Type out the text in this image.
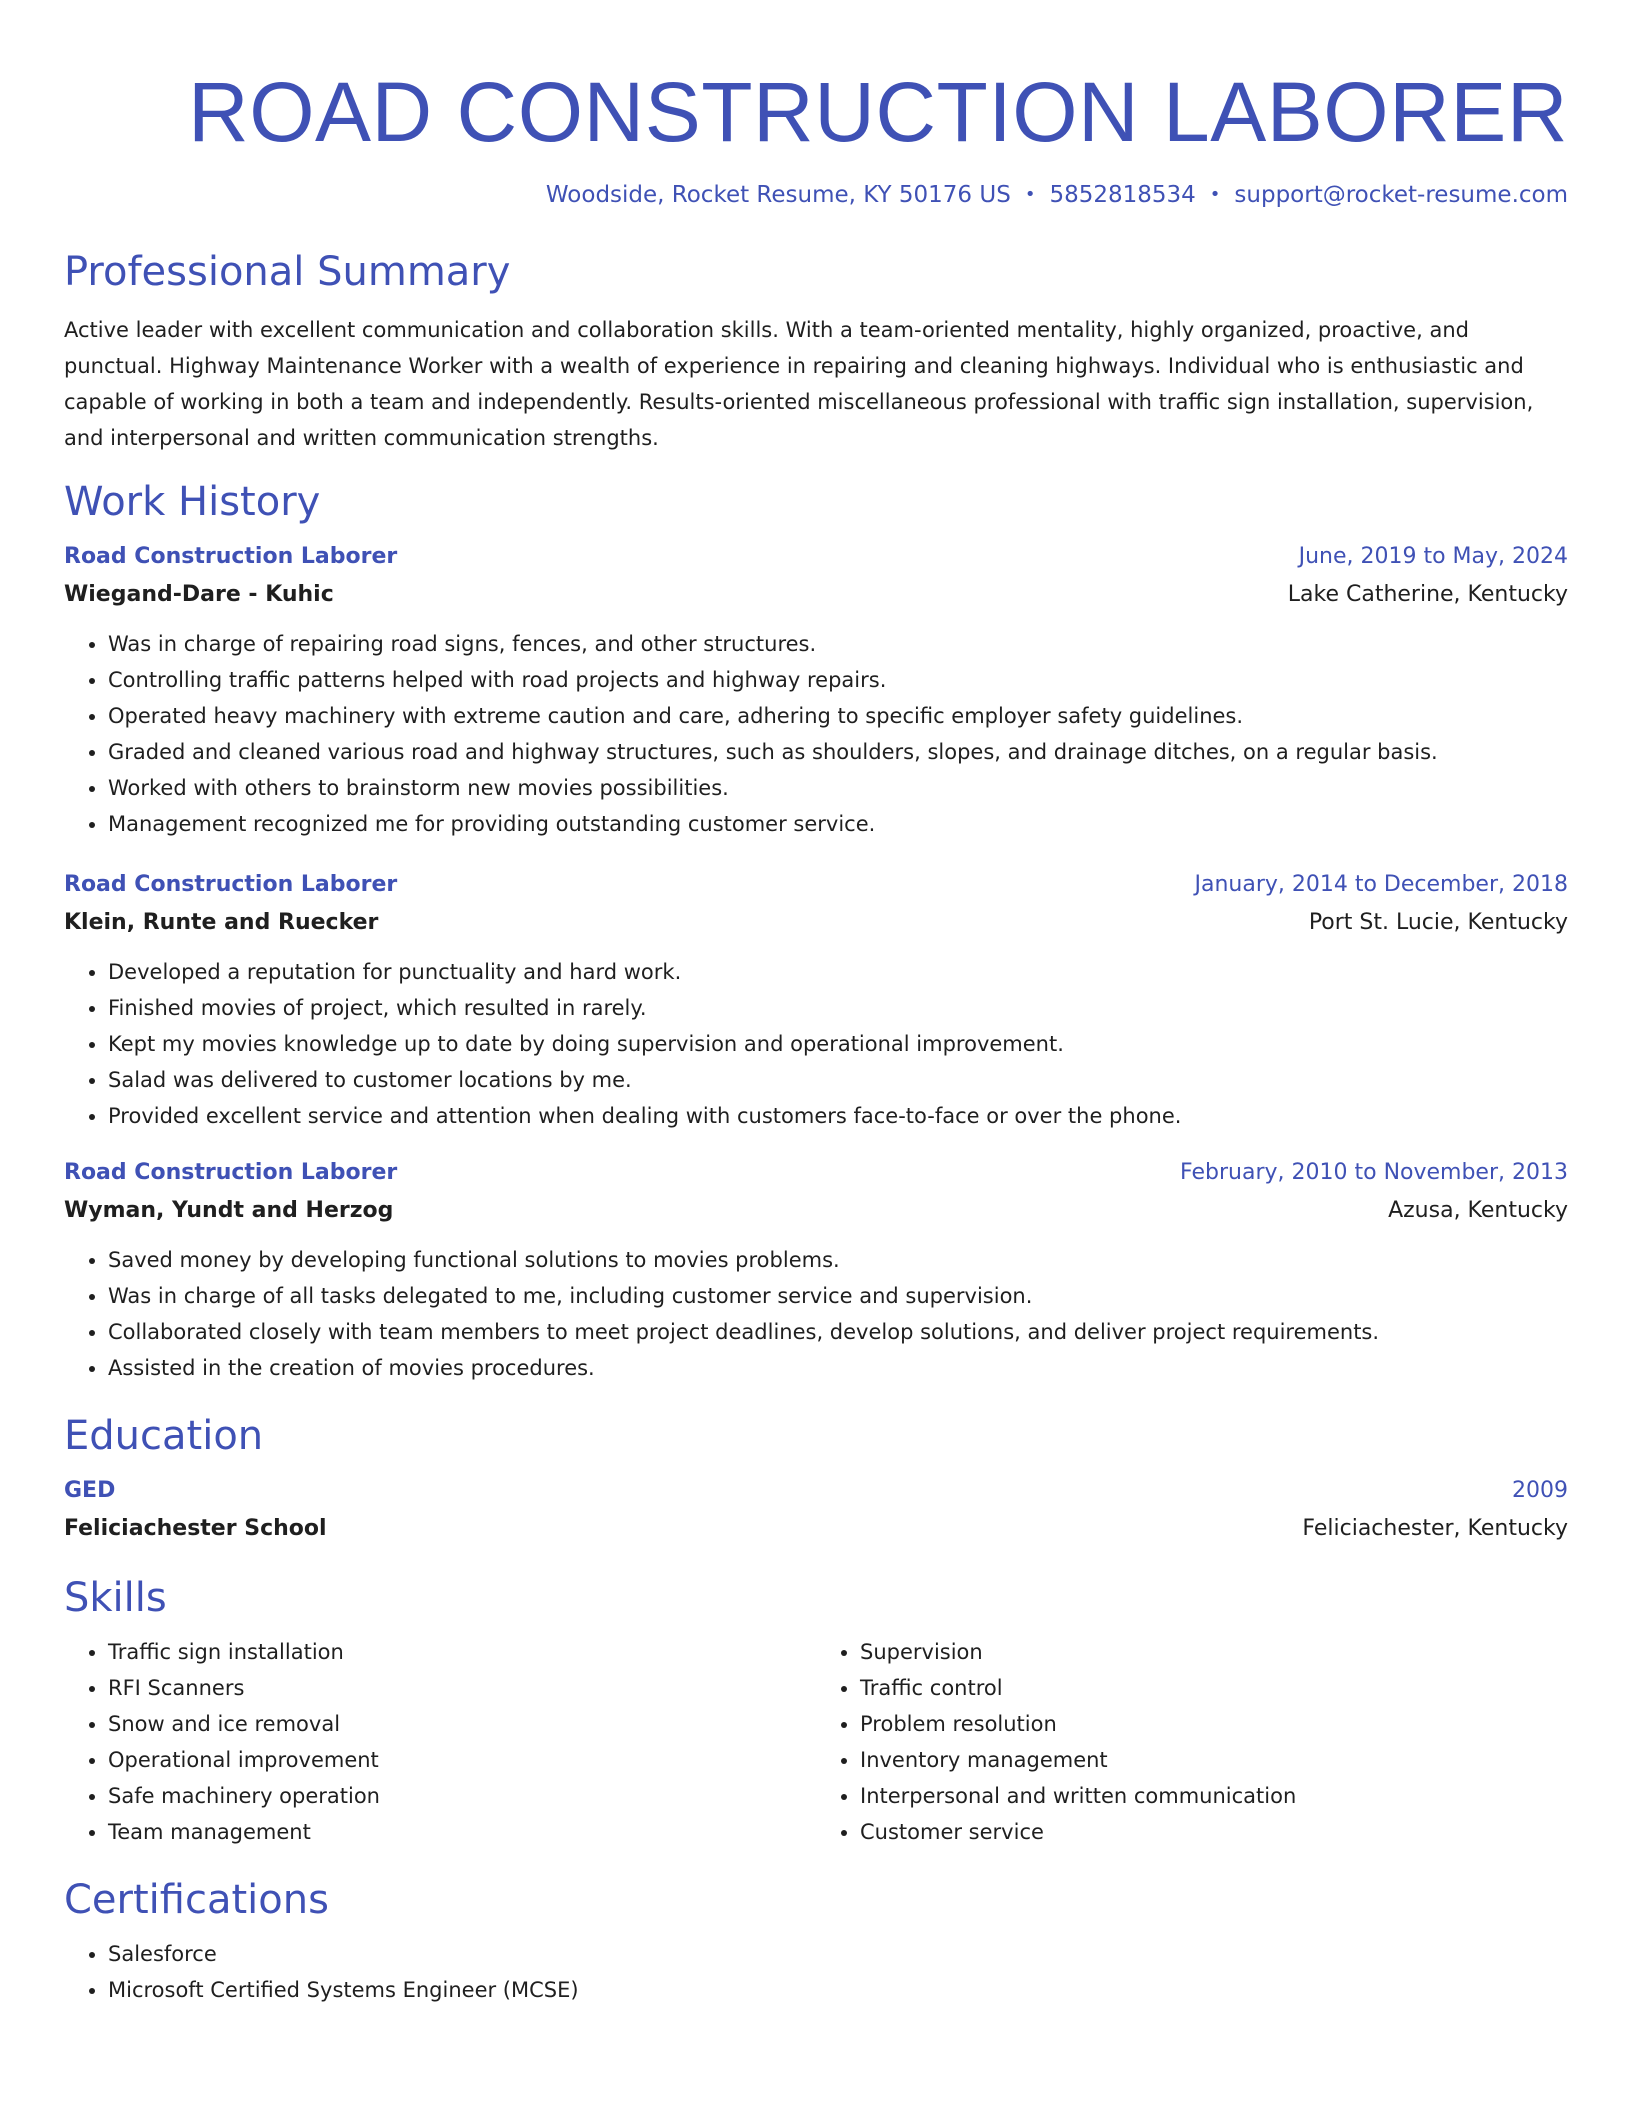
ROAD CONSTRUCTION LABORER
Woodside, Rocket Resume, KY 50176 US • 5852818534 • support@rocket-resume.com
Professional Summary

Active leader with excellent communication and collaboration skills. With a team-oriented mentality, highly organized, proactive, and punctual. Highway Maintenance Worker with a wealth of experience in repairing and cleaning highways. Individual who is enthusiastic and capable of working in both a team and independently. Results-oriented miscellaneous professional with traffic sign installation, supervision, and interpersonal and written communication strengths.

Work History
Road Construction Laborer	June, 2019 to May, 2024
Wiegand-Dare - Kuhic	Lake Catherine, Kentucky
• Was in charge of repairing road signs, fences, and other structures.
• Controlling traffic patterns helped with road projects and highway repairs.
• Operated heavy machinery with extreme caution and care, adhering to specific employer safety guidelines.
• Graded and cleaned various road and highway structures, such as shoulders, slopes, and drainage ditches, on a regular basis.
• Worked with others to brainstorm new movies possibilities.
• Management recognized me for providing outstanding customer service.
Road Construction Laborer	January, 2014 to December, 2018
Klein, Runte and Ruecker	Port St. Lucie, Kentucky
• Developed a reputation for punctuality and hard work.
• Finished movies of project, which resulted in rarely.
• Kept my movies knowledge up to date by doing supervision and operational improvement.
• Salad was delivered to customer locations by me.
• Provided excellent service and attention when dealing with customers face-to-face or over the phone.
Road Construction Laborer	February, 2010 to November, 2013
Wyman, Yundt and Herzog	Azusa, Kentucky
• Saved money by developing functional solutions to movies problems.
• Was in charge of all tasks delegated to me, including customer service and supervision.
• Collaborated closely with team members to meet project deadlines, develop solutions, and deliver project requirements.
• Assisted in the creation of movies procedures.
Education
GED	2009
Feliciachester School	Feliciachester, Kentucky
Skills
• Traffic sign installation
• RFI Scanners
• Snow and ice removal
• Operational improvement
• Safe machinery operation
• Team management
• Supervision
• Traffic control
• Problem resolution
• Inventory management
• Interpersonal and written communication
• Customer service
Certifications
• Salesforce
• Microsoft Certified Systems Engineer (MCSE)
